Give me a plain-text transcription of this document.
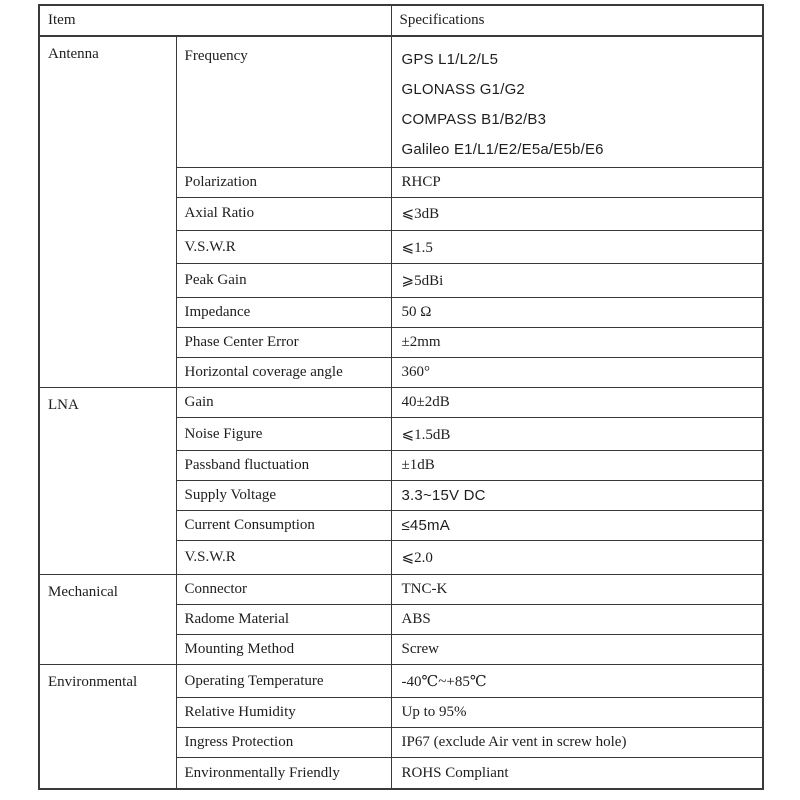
Item		Specifications
Antenna	Frequency	GPS L1/L2/L5
GLONASS G1/G2
COMPASS B1/B2/B3
Galileo E1/L1/E2/E5a/E5b/E6

	Polarization	RHCP
	Axial Ratio	⩽3dB
	V.S.W.R	⩽1.5
	Peak Gain	⩾5dBi
	Impedance	50 Ω
	Phase Center Error	±2mm
	Horizontal coverage angle	360°
LNA	Gain	40±2dB
	Noise Figure	⩽1.5dB
	Passband fluctuation	±1dB
	Supply Voltage	3.3~15V DC
	Current Consumption	≤45mA
	V.S.W.R	⩽2.0
Mechanical	Connector	TNC-K
	Radome Material	ABS
	Mounting Method	Screw
Environmental	Operating Temperature	-40℃~+85℃
	Relative Humidity	Up to 95%
	Ingress Protection	IP67 (exclude Air vent in screw hole)
	Environmentally Friendly	ROHS Compliant
